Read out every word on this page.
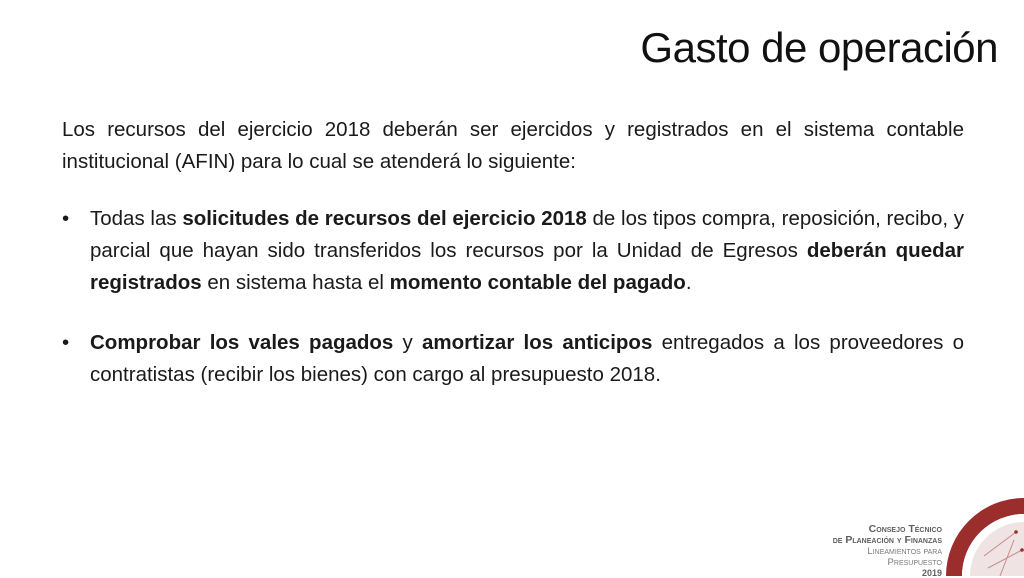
Gasto de operación

Los recursos del ejercicio 2018 deberán ser ejercidos y registrados en el sistema contable institucional (AFIN) para lo cual se atenderá lo siguiente:

•	Todas las solicitudes de recursos del ejercicio 2018 de los tipos compra, reposición, recibo, y parcial que hayan sido transferidos los recursos por la Unidad de Egresos deberán quedar registrados en sistema hasta el momento contable del pagado.
•	Comprobar los vales pagados y amortizar los anticipos entregados a los proveedores o contratistas (recibir los bienes) con cargo al presupuesto 2018.
Consejo Técnico
de Planeación y Finanzas
Lineamientos para Presupuesto
2019
